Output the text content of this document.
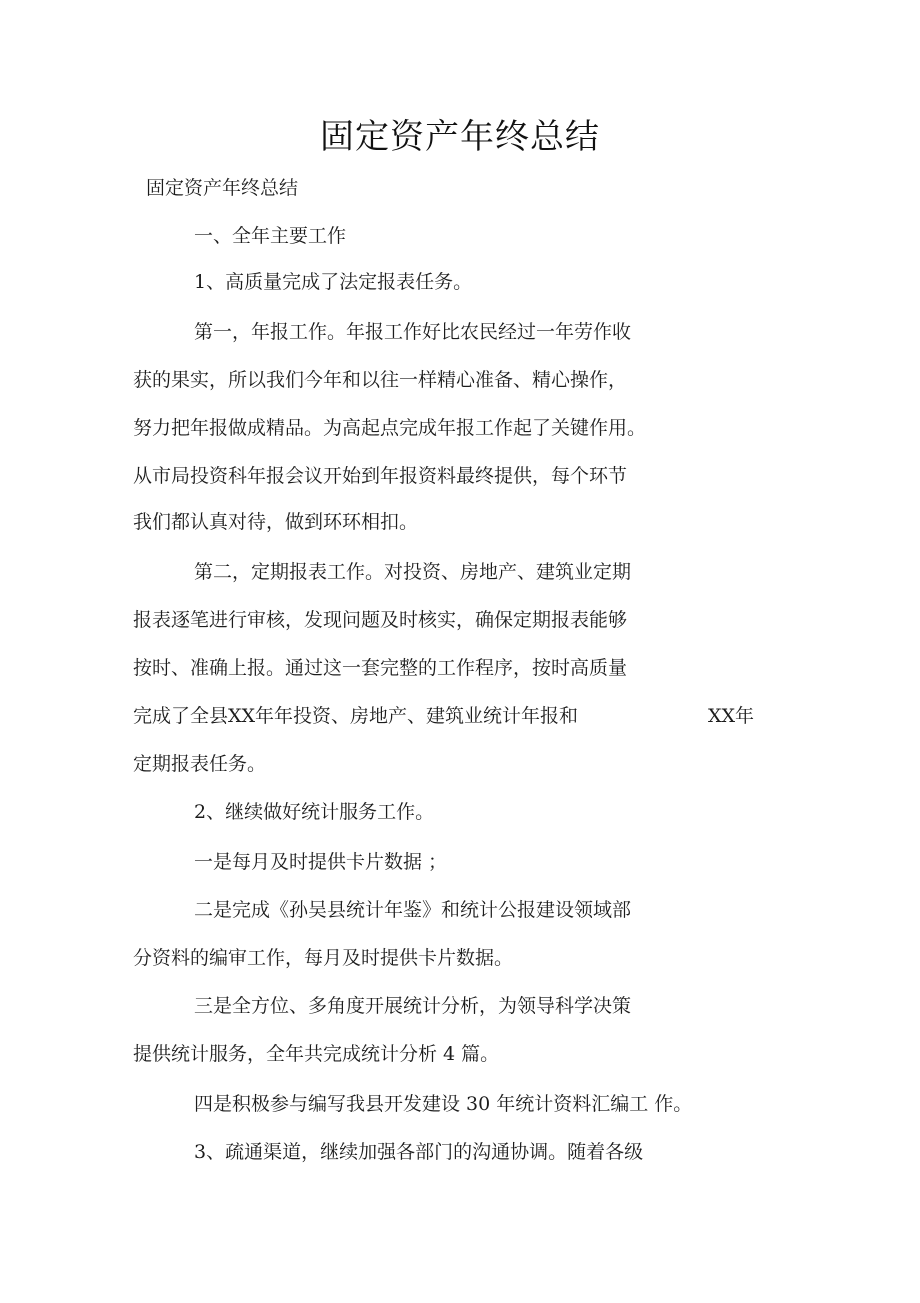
固定资产年终总结
固定资产年终总结
一、全年主要工作
1、高质量完成了法定报表任务。
第一，年报工作。年报工作好比农民经过一年劳作收
获的果实，所以我们今年和以往一样精心准备、精心操作，
努力把年报做成精品。为高起点完成年报工作起了关键作用。
从市局投资科年报会议开始到年报资料最终提供，每个环节
我们都认真对待，做到环环相扣。
第二，定期报表工作。对投资、房地产、建筑业定期
报表逐笔进行审核，发现问题及时核实，确保定期报表能够
按时、准确上报。通过这一套完整的工作程序，按时高质量
完成了全县XX年年投资、房地产、建筑业统计年报和	XX年
定期报表任务。
2、继续做好统计服务工作。
一是每月及时提供卡片数据 ；
二是完成《孙吴县统计年鉴》和统计公报建设领域部
分资料的编审工作，每月及时提供卡片数据。
三是全方位、多角度开展统计分析，为领导科学决策
提供统计服务，全年共完成统计分析 4 篇。
四是积极参与编写我县开发建设 30 年统计资料汇编工 作。
3、疏通渠道，继续加强各部门的沟通协调。随着各级
